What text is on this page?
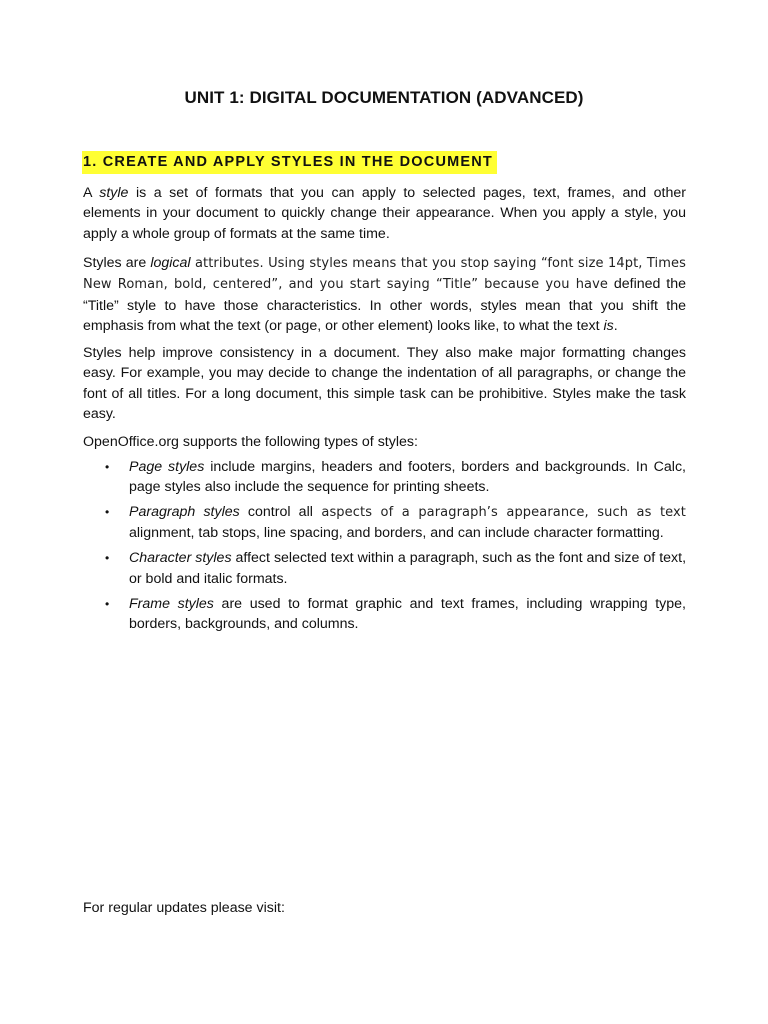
UNIT 1: DIGITAL DOCUMENTATION (ADVANCED)
1. CREATE AND APPLY STYLES IN THE DOCUMENT

A style is a set of formats that you can apply to selected pages, text, frames, and other elements in your document to quickly change their appearance. When you apply a style, you apply a whole group of formats at the same time.

Styles are logical attributes. Using styles means that you stop saying “font size 14pt, Times New Roman, bold, centered”, and you start saying “Title” because you have defined the “Title” style to have those characteristics. In other words, styles mean that you shift the emphasis from what the text (or page, or other element) looks like, to what the text is.

Styles help improve consistency in a document. They also make major formatting changes easy. For example, you may decide to change the indentation of all paragraphs, or change the font of all titles. For a long document, this simple task can be prohibitive. Styles make the task easy.

OpenOffice.org supports the following types of styles:

• Page styles include margins, headers and footers, borders and backgrounds. In Calc, page styles also include the sequence for printing sheets.
• Paragraph styles control all aspects of a paragraph’s appearance, such as text alignment, tab stops, line spacing, and borders, and can include character formatting.
• Character styles affect selected text within a paragraph, such as the font and size of text, or bold and italic formats.
• Frame styles are used to format graphic and text frames, including wrapping type, borders, backgrounds, and columns.
For regular updates please visit:
